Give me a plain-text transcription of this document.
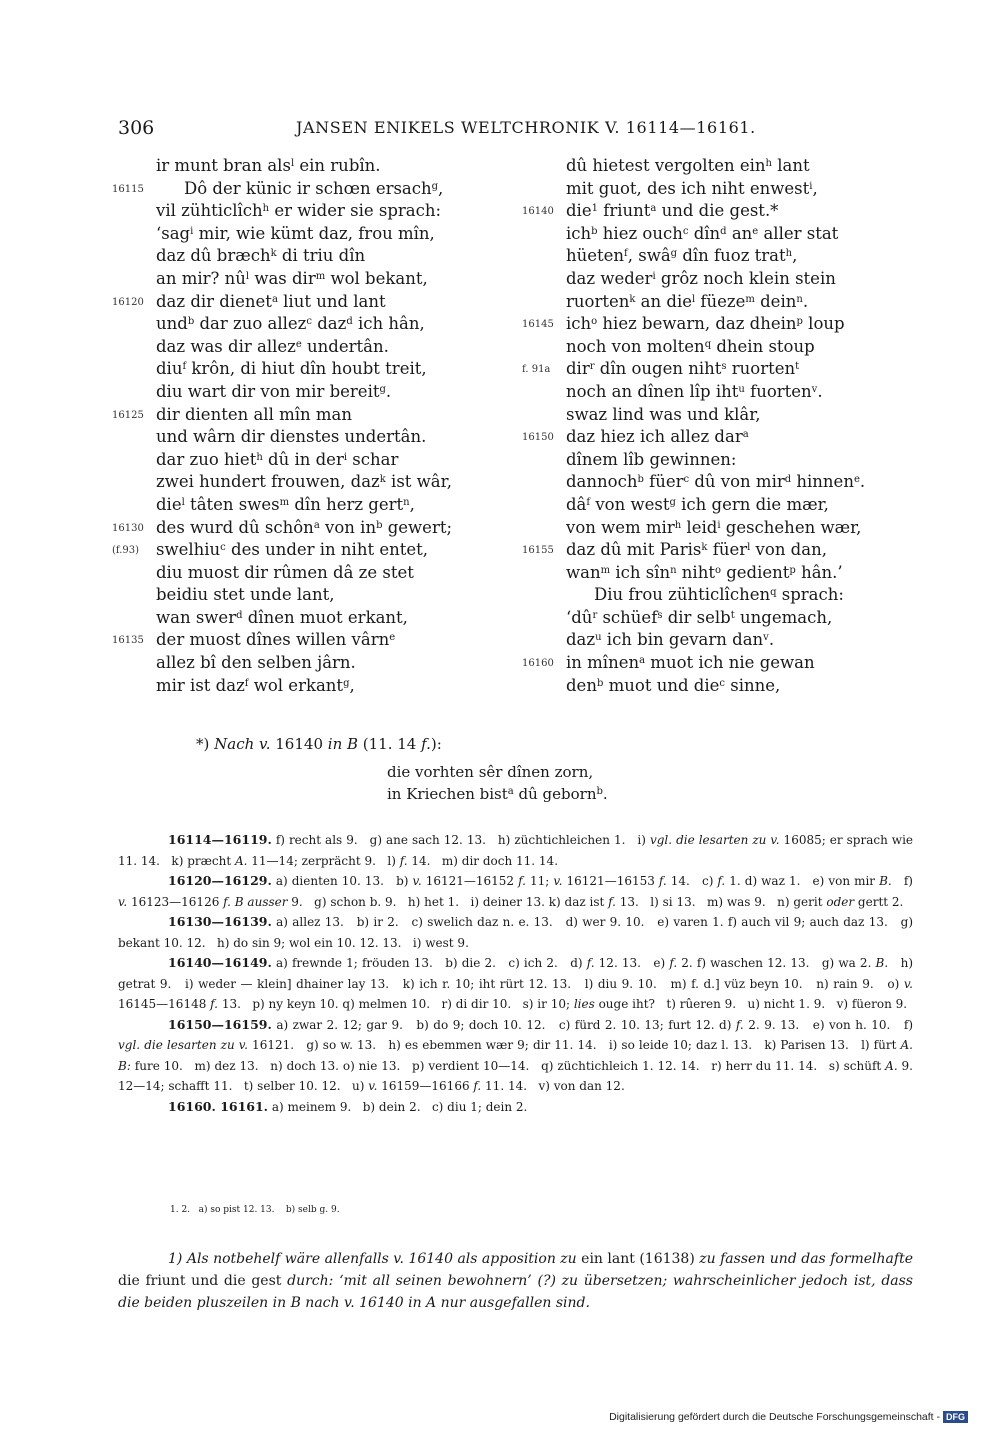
306	JANSEN ENIKELS WELTCHRONIK V. 16114—16161.
ir munt bran als$^l$ ein rubîn.
16115	Dô der künic ir schœn ersach$^g$,
vil zühticlîch$^h$ er wider sie sprach:
‘sag$^i$ mir, wie kümt daz, frou mîn,
daz dû bræch$^k$ di triu dîn
an mir? $nû^l$ was dir$^m$ wol bekant,
16120 daz dir dienet$^a$ liut und lant
und$^b$ dar zuo allez$^c$ daz$^d$ ich hân,
daz was dir allez$^e$ undertân.
diu$^f$ krôn, di hiut dîn houbt treit,
diu wart dir von mir bereit$^g$.
16125 dir dienten all mîn man
und wârn dir dienstes undertân.
dar zuo hiet$^h$ dû in der$^i$ schar
zwei hundert frouwen, daz$^k$ ist wâr,
die$^l$ tâten swes$^m$ dîn herz gert$^n$,
16130 des wurd dû schôn$^a$ von $in^b$ gewert;
(f.93)	swelhiu$^c$ des under in niht entet,
diu muost dir rûmen dâ ze stet
beidiu stet unde lant,
wan swer$^d$ dînen muot erkant,
16135 der muost dînes willen vârn$^e$
allez bî den selben jârn.
mir ist daz$^f$ wol erkant$^g$,
dû hietest vergolten ein$^h$ lant
mit guot, des ich niht enwest$^i$,
16140 die$^1$ friunt$^a$ und die gest.*
ich$^b$ hiez ouch$^c$ dîn$^d$ $an^e$ aller stat
hüeten$^f$, swâ$^g$ dîn fuoz trat$^h$,
daz weder$^i$ grôz noch klein stein
ruorten$^k$ an die$^l$ füeze$^m$ dein$^n$.
16145 ich$^o$ hiez bewarn, daz dhein$^p$ loup
noch von molten$^q$ dhein stoup
f. 91a dir$^r$ dîn ougen niht$^s$ ruorten$^t$
noch an dînen lîp iht$^u$ fuorten$^v$.
swaz lind was und klâr,
16150 daz hiez ich allez dar$^a$
dînem lîb gewinnen:
dannoch$^b$ füer$^c$ dû von mir$^d$ hinnen$^e$.
$dâ^f$ von west$^g$ ich gern die mær,
von wem mir$^h$ leid$^i$ geschehen wær,
16155 daz dû mit Paris$^k$ füer$^l$ von dan,
wan$^m$ ich sîn$^n$ niht$^o$ gedient$^p$ hân.’
Diu frou zühticlîchen$^q$ sprach:
‘$dû^r$ schüef$^s$ dir selb$^t$ ungemach,
daz$^u$ ich bin gevarn dan$^v$.
16160 in mînen$^a$ muot ich nie gewan
den$^b$ muot und die$^c$ sinne,
*) Nach v. 16140 in B (11. 14 f.):
die vorhten sêr dînen zorn,
in Kriechen bist$^a$ dû geborn$^b$.

16114—16119. f) recht als 9.   g) ane sach 12. 13.   h) züchtichleichen 1.   i) vgl. die lesarten zu v. 16085; er sprach wie 11. 14.   k) præcht A. 11—14; zerprächt 9.   l) f. 14.   m) dir doch 11. 14.

16120—16129. a) dienten 10. 13.   b) v. 16121—16152 f. 11; v. 16121—16153 f. 14.   c) f. 1. d) waz 1.   e) von mir B.   f) v. 16123—16126 f. B ausser 9.   g) schon b. 9.   h) het 1.   i) deiner 13. k) daz ist f. 13.   l) si 13.   m) was 9.   n) gerit oder gertt 2.

16130—16139. a) allez 13.   b) ir 2.   c) swelich daz n. e. 13.   d) wer 9. 10.   e) varen 1. f) auch vil 9; auch daz 13.   g) bekant 10. 12.   h) do sin 9; wol ein 10. 12. 13.   i) west 9.

16140—16149. a) frewnde 1; fröuden 13.   b) die 2.   c) ich 2.   d) f. 12. 13.   e) f. 2. f) waschen 12. 13.   g) wa 2. B.   h) getrat 9.   i) weder — klein] dhainer lay 13.   k) ich r. 10; iht rürt 12. 13.   l) diu 9. 10.   m) f. d.] vüz beyn 10.   n) rain 9.   o) v. 16145—16148 f. 13.   p) ny keyn 10. q) melmen 10.   r) di dir 10.   s) ir 10; lies ouge iht?   t) rûeren 9.   u) nicht 1. 9.   v) füeron 9.

16150—16159. a) zwar 2. 12; gar 9.   b) do 9; doch 10. 12.   c) fürd 2. 10. 13; furt 12. d) f. 2. 9. 13.   e) von h. 10.   f) vgl. die lesarten zu v. 16121.   g) so w. 13.   h) es ebemmen wær 9; dir 11. 14.   i) so leide 10; daz l. 13.   k) Parisen 13.   l) fürt A. B: fure 10.   m) dez 13.   n) doch 13. o) nie 13.   p) verdient 10—14.   q) züchtichleich 1. 12. 14.   r) herr du 11. 14.   s) schüft A. 9. 12—14; schafft 11.   t) selber 10. 12.   u) v. 16159—16166 f. 11. 14.   v) von dan 12.

16160. 16161. a) meinem 9.   b) dein 2.   c) diu 1; dein 2.

1. 2.   a) so pist 12. 13.    b) selb g. 9.
1) Als notbehelf wäre allenfalls v. 16140 als apposition zu ein lant (16138) zu fassen und das formelhafte die friunt und die gest durch: ‘mit all seinen bewohnern’ (?) zu übersetzen; wahrscheinlicher jedoch ist, dass die beiden pluszeilen in B nach v. 16140 in A nur ausgefallen sind.
Digitalisierung gefördert durch die Deutsche Forschungsgemeinschaft - DFG
